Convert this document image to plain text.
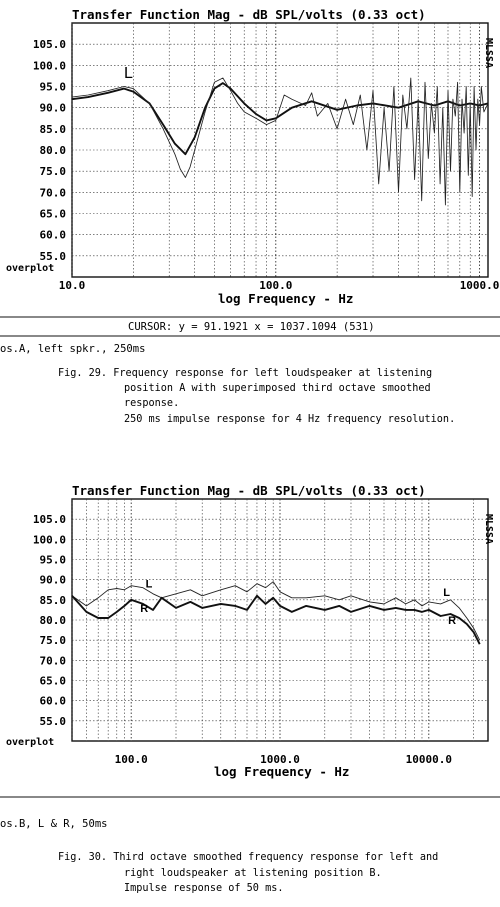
Transfer Function Mag - dB SPL/volts (0.33 oct)
55.0
60.0
65.0
70.0
75.0
80.0
85.0
90.0
95.0
100.0
105.0
10.0	100.0	1000.0
L
MLSSA
overplot
log Frequency - Hz
CURSOR: y = 91.1921 x = 1037.1094 (531)
os.A, left spkr., 250ms
Fig. 29. Frequency response for left loudspeaker at listening
position A with superimposed third octave smoothed
response.
250 ms impulse response for 4 Hz frequency resolution.
Transfer Function Mag - dB SPL/volts (0.33 oct)
55.0
60.0
65.0
70.0
75.0
80.0
85.0
90.0
95.0
100.0
105.0
100.0	1000.0	10000.0
L
R
L
R
MLSSA
overplot
log Frequency - Hz
os.B, L & R, 50ms
Fig. 30. Third octave smoothed frequency response for left and
right loudspeaker at listening position B.
Impulse response of 50 ms.
